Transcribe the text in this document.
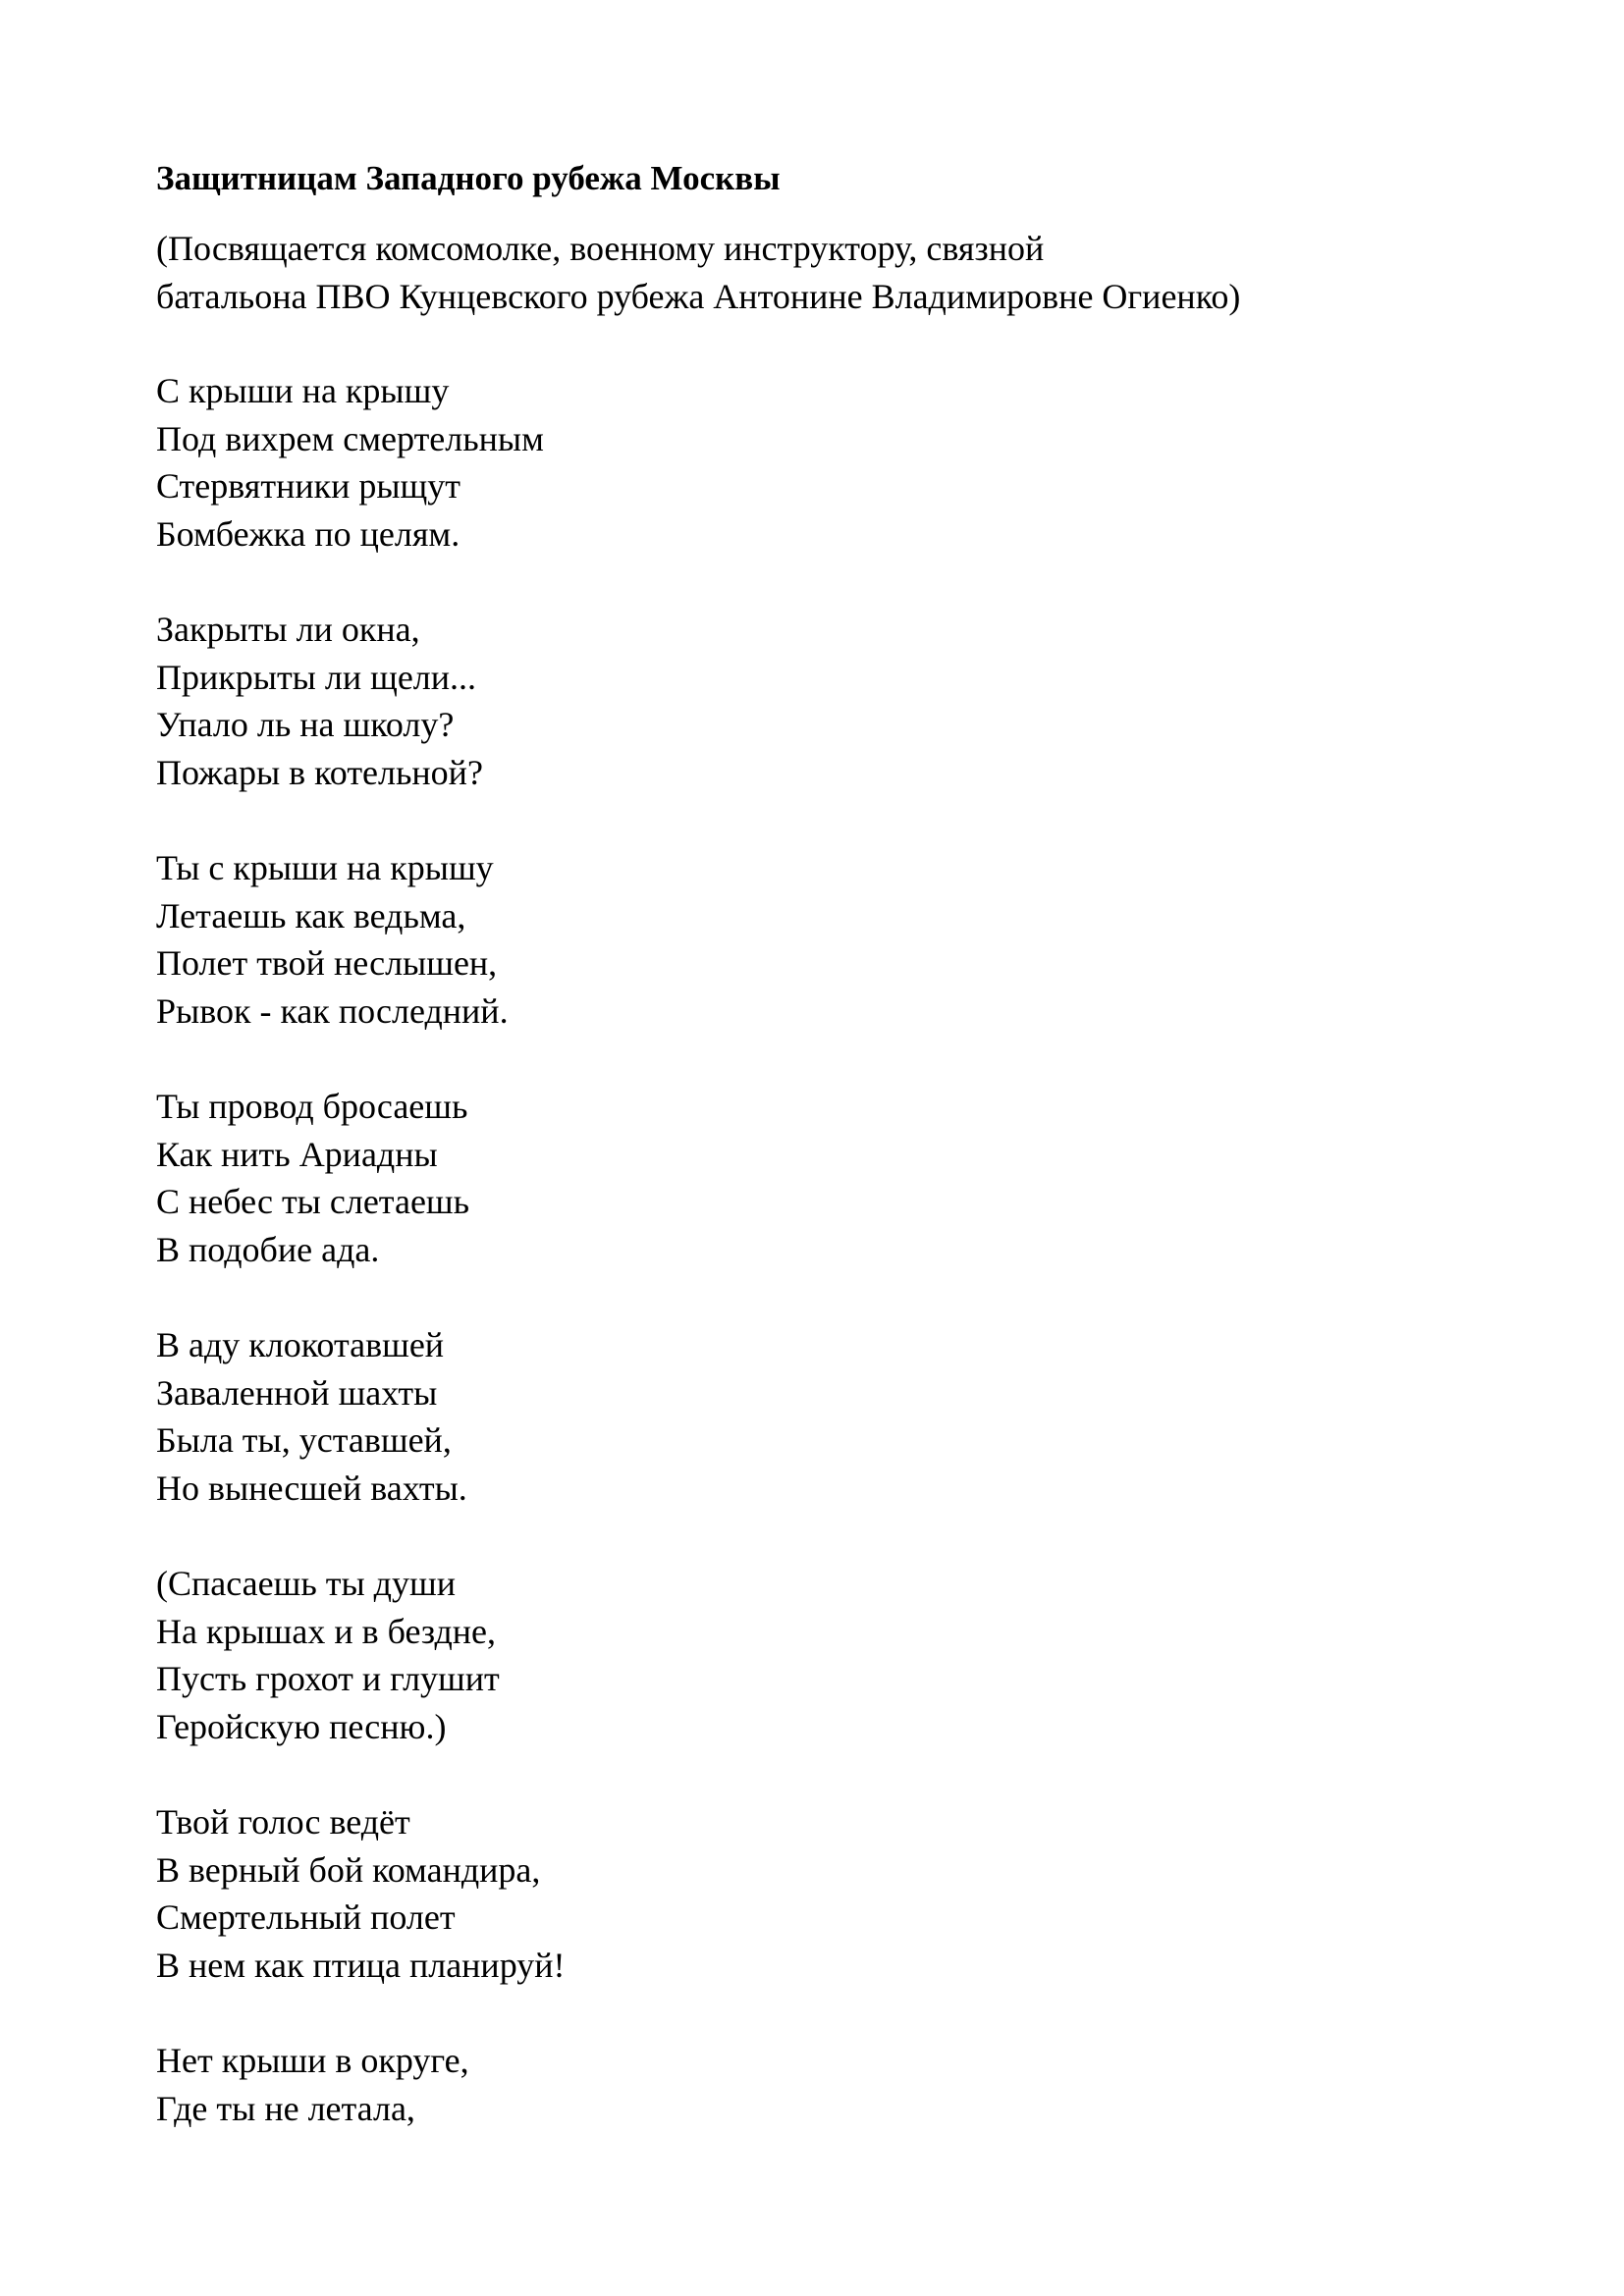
Защитницам Западного рубежа Москвы
(Посвящается комсомолке, военному инструктору, связной
батальона ПВО Кунцевского рубежа Антонине Владимировне Огиенко)
С крыши на крышу
Под вихрем смертельным
Стервятники рыщут
Бомбежка по целям.
Закрыты ли окна,
Прикрыты ли щели...
Упало ль на школу?
Пожары в котельной?
Ты с крыши на крышу
Летаешь как ведьма,
Полет твой неслышен,
Рывок - как последний.
Ты провод бросаешь
Как нить Ариадны
С небес ты слетаешь
В подобие ада.
В аду клокотавшей
Заваленной шахты
Была ты, уставшей,
Но вынесшей вахты.
(Спасаешь ты души
На крышах и в бездне,
Пусть грохот и глушит
Геройскую песню.)
Твой голос ведёт
В верный бой командира,
Смертельный полет
В нем как птица планируй!
Нет крыши в округе,
Где ты не летала,
